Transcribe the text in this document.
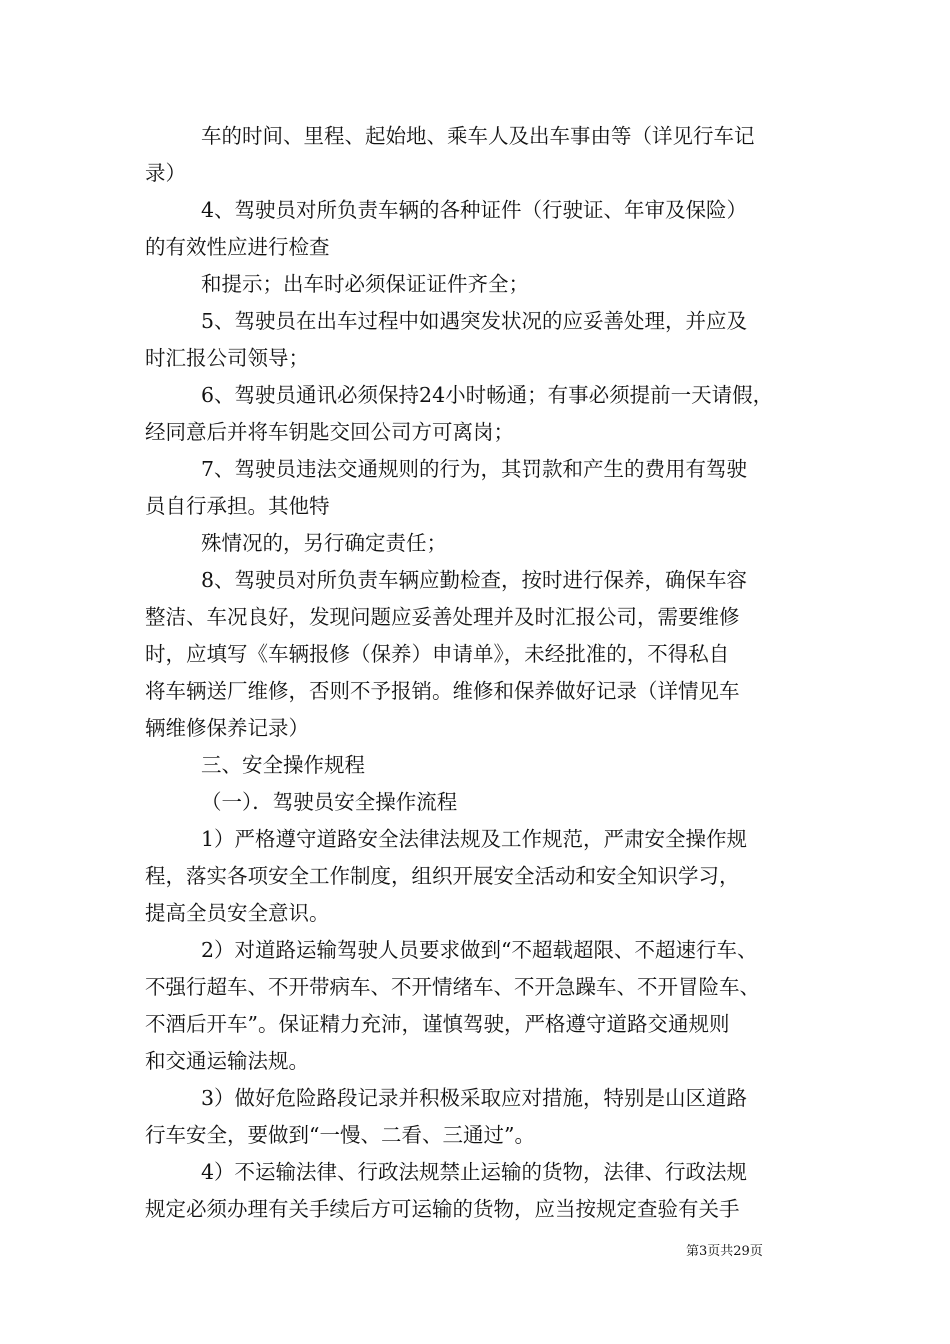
车的时间、里程、起始地、乘车人及出车事由等（详见行车记
录）
4、驾驶员对所负责车辆的各种证件（行驶证、年审及保险）
的有效性应进行检查
和提示；出车时必须保证证件齐全；
5、驾驶员在出车过程中如遇突发状况的应妥善处理，并应及
时汇报公司领导；
6、驾驶员通讯必须保持24小时畅通；有事必须提前一天请假，
经同意后并将车钥匙交回公司方可离岗；
7、驾驶员违法交通规则的行为，其罚款和产生的费用有驾驶
员自行承担。其他特
殊情况的，另行确定责任；
8、驾驶员对所负责车辆应勤检查，按时进行保养，确保车容
整洁、车况良好，发现问题应妥善处理并及时汇报公司，需要维修
时，应填写《车辆报修（保养）申请单》，未经批准的，不得私自
将车辆送厂维修，否则不予报销。维修和保养做好记录（详情见车
辆维修保养记录）
三、安全操作规程
（一）．驾驶员安全操作流程
1）严格遵守道路安全法律法规及工作规范，严肃安全操作规
程，落实各项安全工作制度，组织开展安全活动和安全知识学习，
提高全员安全意识。
2）对道路运输驾驶人员要求做到“不超载超限、不超速行车、
不强行超车、不开带病车、不开情绪车、不开急躁车、不开冒险车、
不酒后开车”。保证精力充沛，谨慎驾驶，严格遵守道路交通规则
和交通运输法规。
3）做好危险路段记录并积极采取应对措施，特别是山区道路
行车安全，要做到“一慢、二看、三通过”。
4）不运输法律、行政法规禁止运输的货物，法律、行政法规
规定必须办理有关手续后方可运输的货物，应当按规定查验有关手
第3页共29页
